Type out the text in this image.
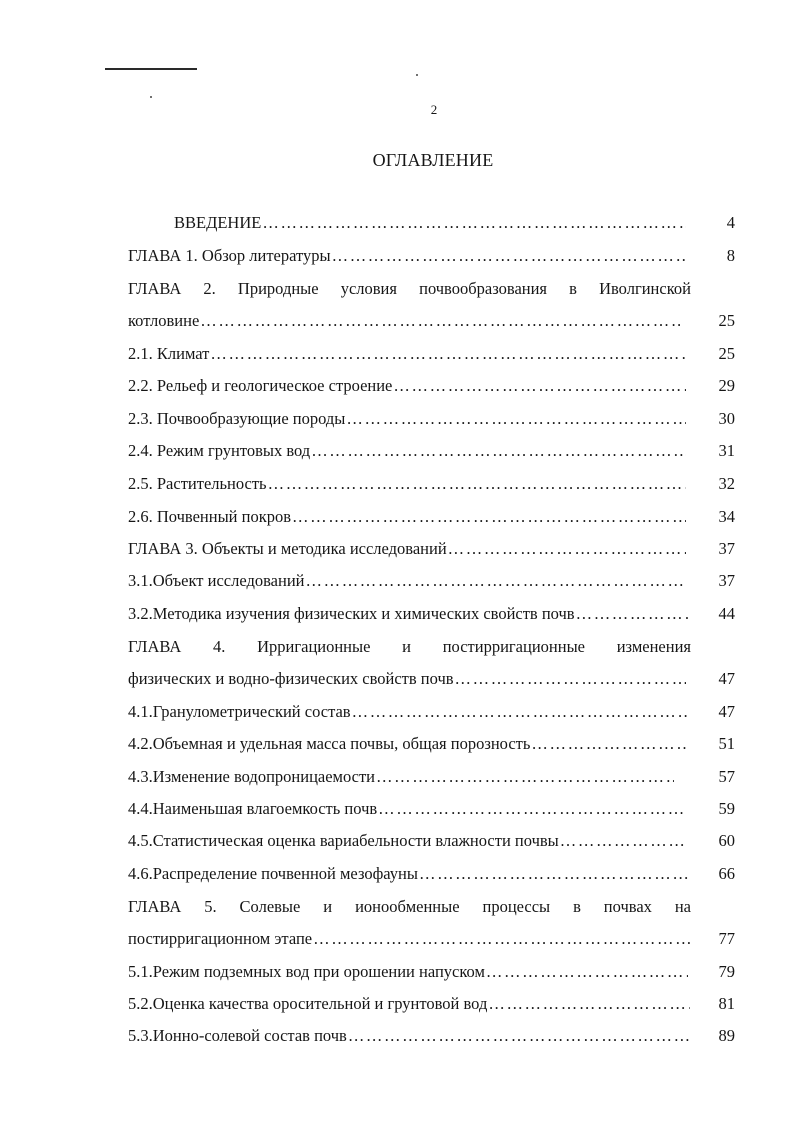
2
ОГЛАВЛЕНИЕ
ВВЕДЕНИЕ ………………………………………………………………………………………………………………………………………………………………	4
ГЛАВА 1. Обзор литературы ………………………………………………………………………………………………………………………………………………………………	8
ГЛАВА 2. Природные условия почвообразования в Иволгинской
котловине ………………………………………………………………………………………………………………………………………………………………	25
2.1. Климат ………………………………………………………………………………………………………………………………………………………………	25
2.2. Рельеф и геологическое строение ………………………………………………………………………………………………………………………………………………………………	29
2.3. Почвообразующие породы ………………………………………………………………………………………………………………………………………………………………	30
2.4. Режим грунтовых вод ………………………………………………………………………………………………………………………………………………………………	31
2.5. Растительность ………………………………………………………………………………………………………………………………………………………………	32
2.6. Почвенный покров ………………………………………………………………………………………………………………………………………………………………	34
ГЛАВА 3. Объекты и методика исследований ………………………………………………………………………………………………………………………………………………………………	37
3.1. Объект исследований ………………………………………………………………………………………………………………………………………………………………	37
3.2. Методика изучения физических и химических свойств почв ………………………………………………………………………………………………………………………………………………………………	44
ГЛАВА 4. Ирригационные и постирригационные изменения
физических и водно-физических свойств почв ………………………………………………………………………………………………………………………………………………………………	47
4.1. Гранулометрический состав ………………………………………………………………………………………………………………………………………………………………	47
4.2. Объемная и удельная масса почвы, общая порозность ………………………………………………………………………………………………………………………………………………………………	51
4.3. Изменение водопроницаемости ………………………………………………………………………………………………………………………………………………………………	57
4.4. Наименьшая влагоемкость почв ………………………………………………………………………………………………………………………………………………………………	59
4.5. Статистическая оценка вариабельности влажности почвы ………………………………………………………………………………………………………………………………………………………………	60
4.6. Распределение почвенной мезофауны ………………………………………………………………………………………………………………………………………………………………	66
ГЛАВА 5. Солевые и ионообменные процессы в почвах на
постирригационном этапе ………………………………………………………………………………………………………………………………………………………………	77
5.1. Режим подземных вод при орошении напуском ………………………………………………………………………………………………………………………………………………………………	79
5.2. Оценка качества оросительной и грунтовой вод ………………………………………………………………………………………………………………………………………………………………	81
5.3. Ионно-солевой состав почв ………………………………………………………………………………………………………………………………………………………………	89
